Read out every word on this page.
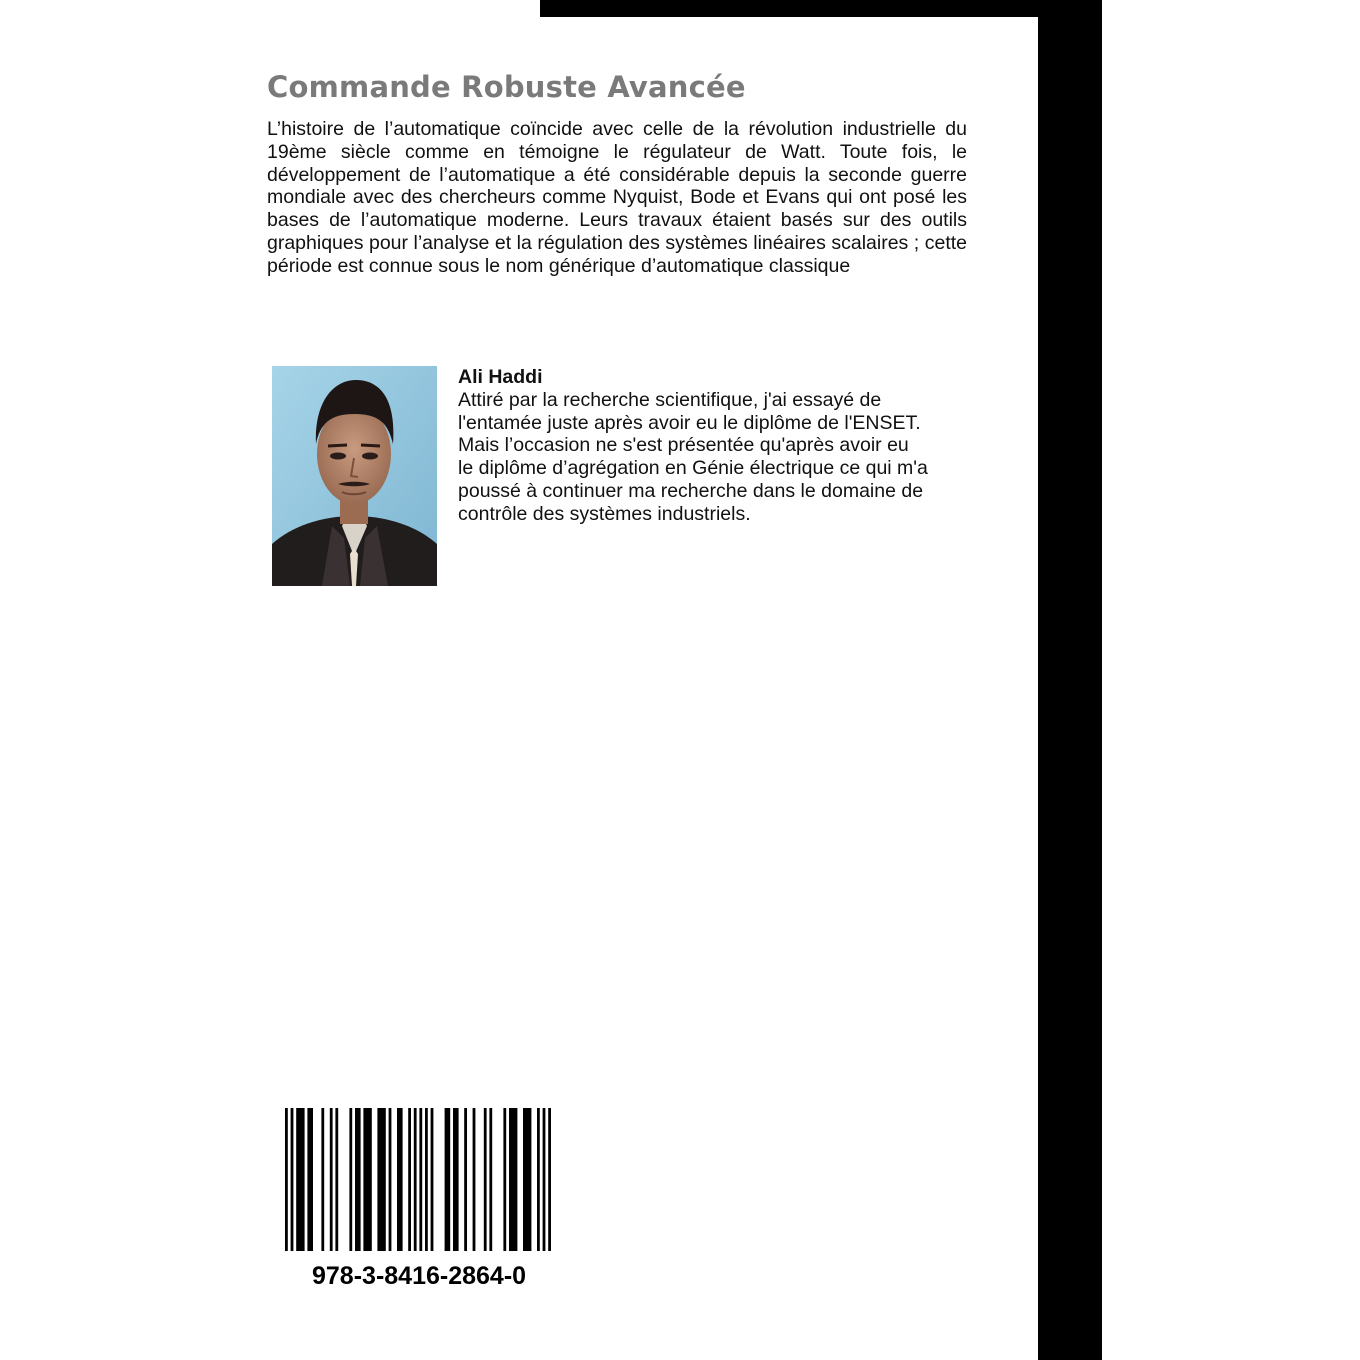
Commande Robuste Avancée

L’histoire de l’automatique coïncide avec celle de la révolution industrielle du 19ème siècle comme en témoigne le régulateur de Watt. Toute fois, le développement de l’automatique a été considérable depuis la seconde guerre mondiale avec des chercheurs comme Nyquist, Bode et Evans qui ont posé les bases de l’automatique moderne. Leurs travaux étaient basés sur des outils graphiques pour l’analyse et la régulation des systèmes linéaires scalaires ; cette période est connue sous le nom générique d’automatique classique

Ali Haddi

Attiré par la recherche scientifique, j'ai essayé de
l'entamée juste après avoir eu le diplôme de l'ENSET.
Mais l’occasion ne s'est présentée qu'après avoir eu
le diplôme d’agrégation en Génie électrique ce qui m'a
poussé à continuer ma recherche dans le domaine de
contrôle des systèmes industriels.

978-3-8416-2864-0
